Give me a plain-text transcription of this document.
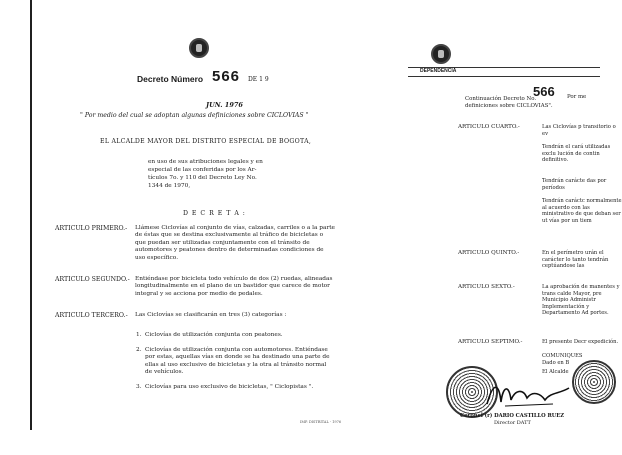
Decreto Número 566 DE 1 9
JUN. 1976
" Por medio del cual se adoptan algunas definiciones sobre CICLOVIAS "
EL ALCALDE MAYOR DEL DISTRITO ESPECIAL DE BOGOTA,
en uso de sus atribuciones legales y en
especial de las conferidas por los Ar-
tículos 7o. y 110 del Decreto Ley No.
1344 de 1970,
D E C R E T A :
ARTICULO PRIMERO.- Llámese Ciclovías al conjunto de vías, calzadas, carriles o a la parte de éstas que se destina exclusivamente al tráfico de bicicletas o que puedan ser utilizadas conjuntamente con el tránsito de automotores y peatones dentro de determinadas condiciones de uso específico.
ARTICULO SEGUNDO.- Entiéndase por bicicleta todo vehículo de dos (2) ruedas, alineadas longitudinalmente en el plano de un bastidor que carece de motor integral y se acciona por medio de pedales.
ARTICULO TERCERO.- Las Ciclovías se clasificarán en tres (3) categorías :
1. Ciclovías de utilización conjunta con peatones.
2. Ciclovías de utilización conjunta con automotores. Entiéndase por estas, aquellas vías en donde se ha destinado una parte de ellas al uso exclusivo de bicicletas y la otra al tránsito normal de vehículos.
3. Ciclovías para uso exclusivo de bicicletas, " Ciclopistas ".
IMP. DISTRITAL - 1976
DEPENDENCIA
Continuación Decreto No.
566 Por me
definiciones sobre CICLOVIAS".
ARTICULO CUARTO.-	Las Ciclovías p transitorio o ev
Tendrán el cará utilizadas exclu lución de contin definitivo.
Tendrán carácte das por períodos
Tendrán caráctc normalmente al acuerdo con las ministrativo de que deban ser ut vías por un tiem
ARTICULO QUINTO.-	En el perímetro urán el carácter lo tanto tendrán ceptúandose las
ARTICULO SEXTO.-	La aprobación de manentes y trans calde Mayor, pre Municipio Administr Implementación y Departamento Ad portes.
ARTICULO SEPTIMO.-	El presente Decr expedición.
COMUNIQUES
Dado en B
El Alcalde
Coronel (r) DARIO CASTILLO RUEZ
Director DATT
